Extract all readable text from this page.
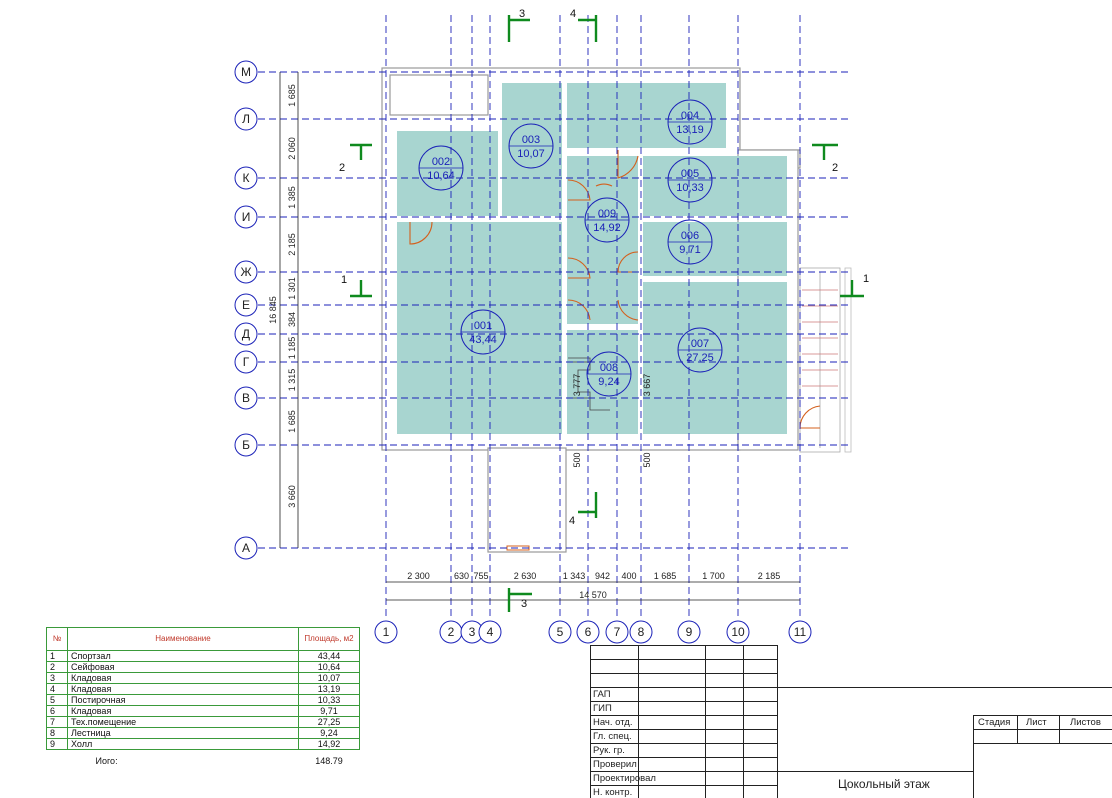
М
Л
К
И
Ж
Е
Д
Г
В
Б
А
1	2 3 4	5 6 7 8	9	10	11
001
43,44
002
10,64
003
10,07
004
13,19
005
10,33
006
9,71
007
27,25
008
9,24
009
14,92
16 845
1 685
2 060
1 385
2 185
1 301
384
1 185
1 315
1 685
3 660
14 570
2 300	630 755	2 630	1 343 942 400 1 685	1 700	2 185
3 777	3 667
500	500
2	2
1	1
3	4
4
3
№	Наименование	Площадь, м2
1	Спортзал	43,44
2	Сейфовая	10,64
3	Кладовая	10,07
4	Кладовая	13,19
5	Постирочная	10,33
6	Кладовая	9,71
7	Тех.помещение	27,25
8	Лестница	9,24
9	Холл	14,92
	Иого:	148.79
ГАП
ГИП
Нач. отд.
Гл. спец.
Рук. гр.
Проверил
Проектировал
Н. контр.
Стадия Лист Листов
Цокольный этаж
